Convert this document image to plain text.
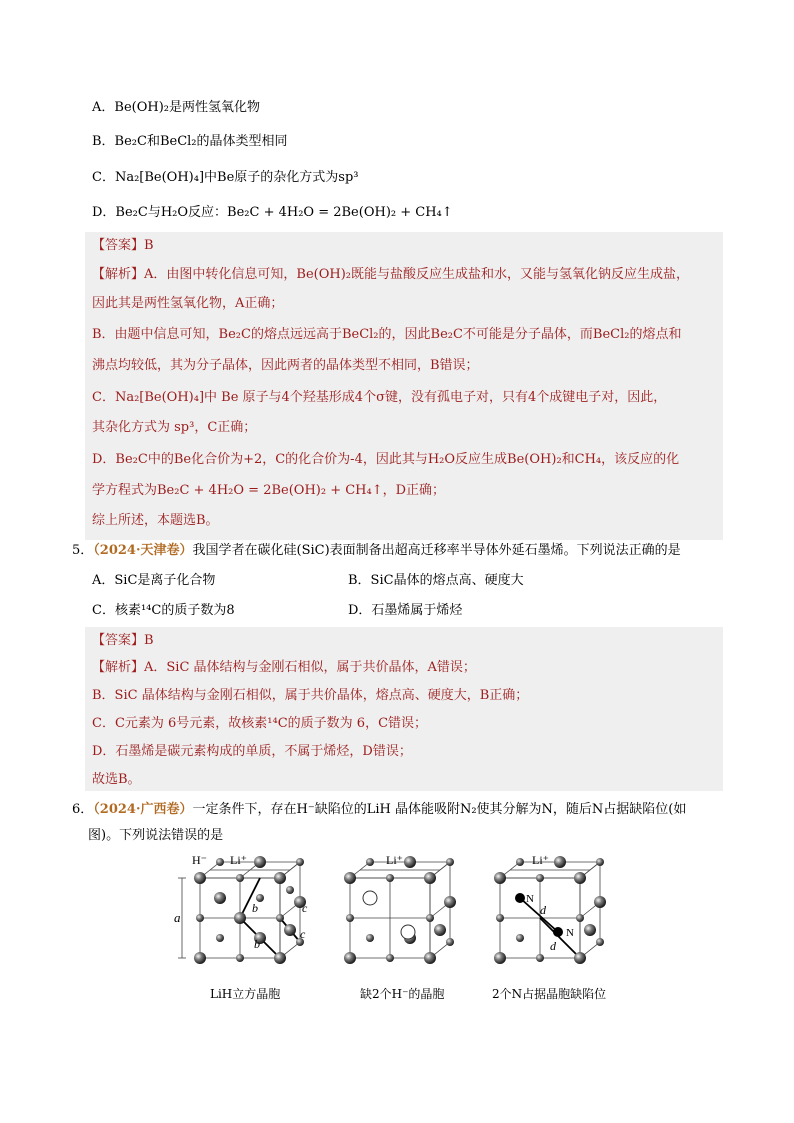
A．Be(OH)₂是两性氢氧化物
B．Be₂C和BeCl₂的晶体类型相同
C．Na₂[Be(OH)₄]中Be原子的杂化方式为sp³
D．Be₂C与H₂O反应：Be₂C + 4H₂O = 2Be(OH)₂ + CH₄↑
【答案】B
【解析】A．由图中转化信息可知，Be(OH)₂既能与盐酸反应生成盐和水，又能与氢氧化钠反应生成盐，
因此其是两性氢氧化物，A正确；
B．由题中信息可知，Be₂C的熔点远远高于BeCl₂的，因此Be₂C不可能是分子晶体，而BeCl₂的熔点和
沸点均较低，其为分子晶体，因此两者的晶体类型不相同，B错误；
C．Na₂[Be(OH)₄]中 Be 原子与4个羟基形成4个σ键，没有孤电子对，只有4个成键电子对，因此，
其杂化方式为 sp³，C正确；
D．Be₂C中的Be化合价为+2，C的化合价为-4，因此其与H₂O反应生成Be(OH)₂和CH₄，该反应的化
学方程式为Be₂C + 4H₂O = 2Be(OH)₂ + CH₄↑，D正确；
综上所述，本题选B。
5．（2024·天津卷）我国学者在碳化硅(SiC)表面制备出超高迁移率半导体外延石墨烯。下列说法正确的是
A．SiC是离子化合物	B．SiC晶体的熔点高、硬度大
C．核素¹⁴C的质子数为8	D．石墨烯属于烯烃
【答案】B
【解析】A．SiC 晶体结构与金刚石相似，属于共价晶体，A错误；
B．SiC 晶体结构与金刚石相似，属于共价晶体，熔点高、硬度大，B正确；
C．C元素为 6号元素，故核素¹⁴C的质子数为 6，C错误；
D．石墨烯是碳元素构成的单质，不属于烯烃，D错误；
故选B。
6．（2024·广西卷）一定条件下，存在H⁻缺陷位的LiH 晶体能吸附N₂使其分解为N，随后N占据缺陷位(如
图)。下列说法错误的是
a
H⁻ Li⁺
b
b
c
c
Li⁺
N
N
d
d
Li⁺
LiH立方晶胞	缺2个H⁻的晶胞	2个N占据晶胞缺陷位
